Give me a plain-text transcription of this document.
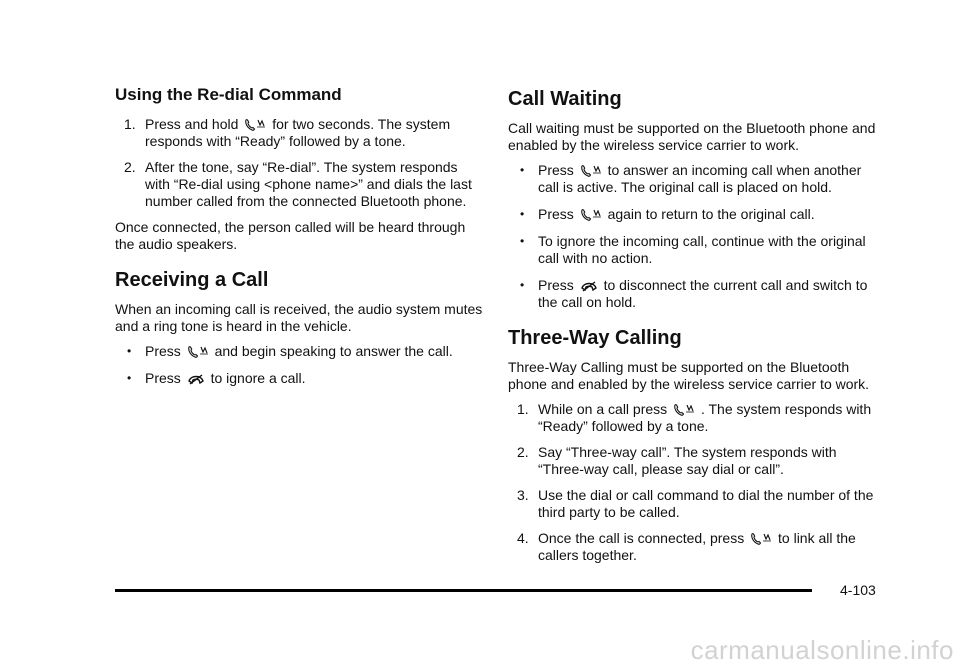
Using the Re-dial Command
1. Press and hold for two seconds. The system responds with “Ready” followed by a tone.
2. After the tone, say “Re-dial”. The system responds with “Re-dial using <phone name>” and dials the last number called from the connected Bluetooth phone.

Once connected, the person called will be heard through the audio speakers.

Receiving a Call

When an incoming call is received, the audio system mutes and a ring tone is heard in the vehicle.

• Press and begin speaking to answer the call.
• Press to ignore a call.
Call Waiting

Call waiting must be supported on the Bluetooth phone and enabled by the wireless service carrier to work.

• Press to answer an incoming call when another call is active. The original call is placed on hold.
• Press again to return to the original call.
• To ignore the incoming call, continue with the original call with no action.
• Press to disconnect the current call and switch to the call on hold.
Three-Way Calling

Three-Way Calling must be supported on the Bluetooth phone and enabled by the wireless service carrier to work.

1. While on a call press . The system responds with “Ready” followed by a tone.
2. Say “Three-way call”. The system responds with “Three-way call, please say dial or call”.
3. Use the dial or call command to dial the number of the third party to be called.
4. Once the call is connected, press to link all the callers together.
4-103
carmanualsonline.info
